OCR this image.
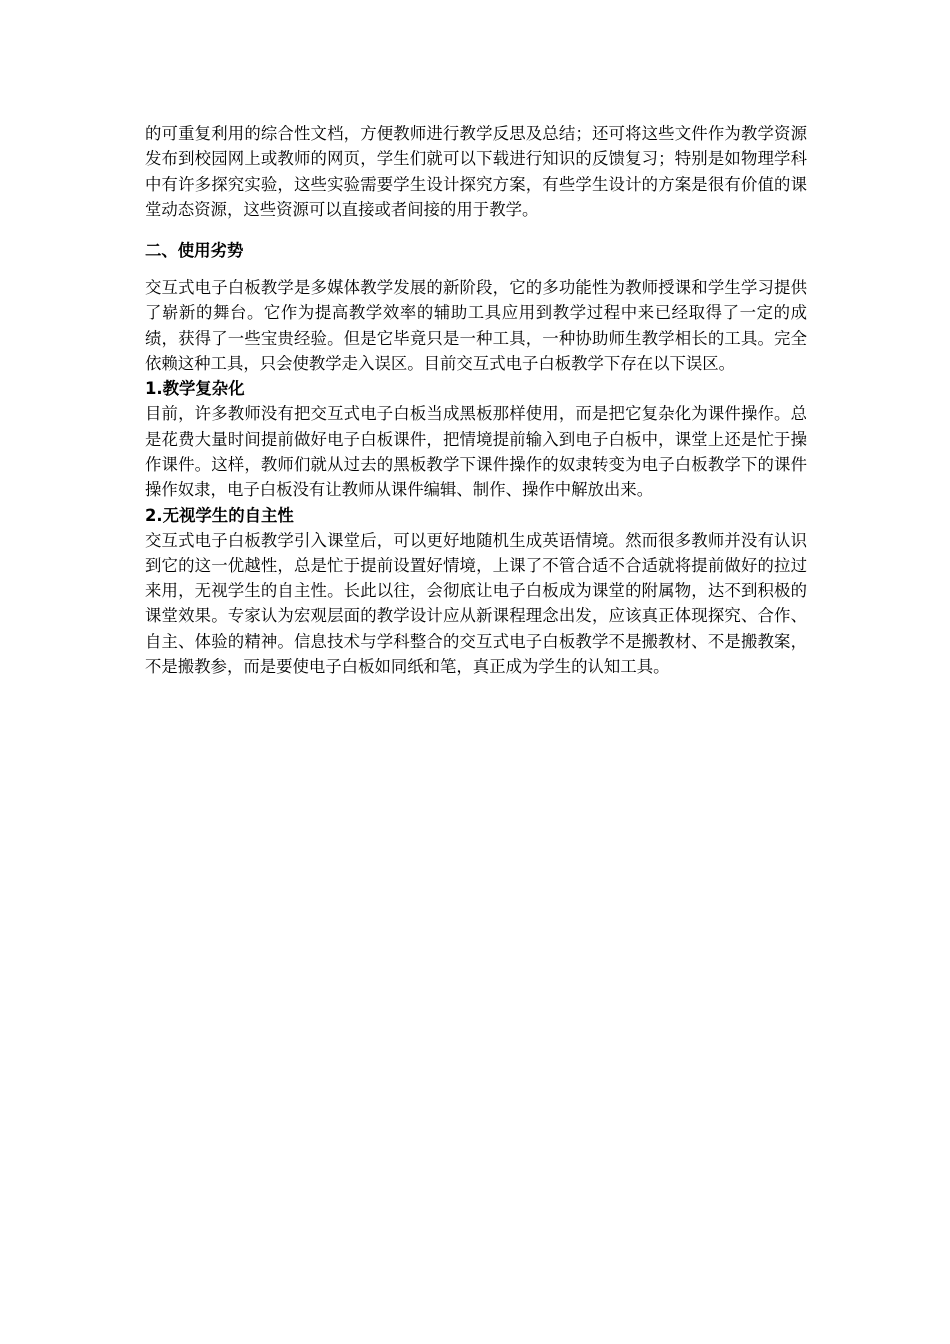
的可重复利用的综合性文档，方便教师进行教学反思及总结；还可将这些文件作为教学资源发布到校园网上或教师的网页，学生们就可以下载进行知识的反馈复习；特别是如物理学科中有许多探究实验，这些实验需要学生设计探究方案，有些学生设计的方案是很有价值的课堂动态资源，这些资源可以直接或者间接的用于教学。

二、使用劣势

交互式电子白板教学是多媒体教学发展的新阶段，它的多功能性为教师授课和学生学习提供了崭新的舞台。它作为提高教学效率的辅助工具应用到教学过程中来已经取得了一定的成绩，获得了一些宝贵经验。但是它毕竟只是一种工具，一种协助师生教学相长的工具。完全依赖这种工具，只会使教学走入误区。目前交互式电子白板教学下存在以下误区。

1.教学复杂化

目前，许多教师没有把交互式电子白板当成黑板那样使用，而是把它复杂化为课件操作。总是花费大量时间提前做好电子白板课件，把情境提前输入到电子白板中，课堂上还是忙于操作课件。这样，教师们就从过去的黑板教学下课件操作的奴隶转变为电子白板教学下的课件操作奴隶，电子白板没有让教师从课件编辑、制作、操作中解放出来。

2.无视学生的自主性

交互式电子白板教学引入课堂后，可以更好地随机生成英语情境。然而很多教师并没有认识到它的这一优越性，总是忙于提前设置好情境，上课了不管合适不合适就将提前做好的拉过来用，无视学生的自主性。长此以往，会彻底让电子白板成为课堂的附属物，达不到积极的课堂效果。专家认为宏观层面的教学设计应从新课程理念出发，应该真正体现探究、合作、自主、体验的精神。信息技术与学科整合的交互式电子白板教学不是搬教材、不是搬教案，不是搬教参，而是要使电子白板如同纸和笔，真正成为学生的认知工具。
